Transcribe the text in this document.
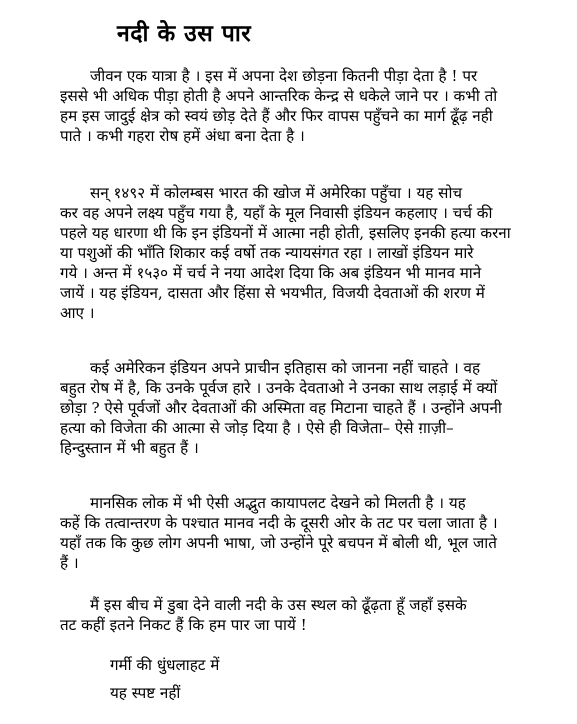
नदी के उस पार
जीवन एक यात्रा है । इस में अपना देश छोड़ना कितनी पीड़ा देता है ! पर
इससे भी अधिक पीड़ा होती है अपने आन्तरिक केन्द्र से धकेले जाने पर । कभी तो
हम इस जादुई क्षेत्र को स्वयं छोड़ देते हैं और फिर वापस पहुँचने का मार्ग ढूँढ़ नही
पाते । कभी गहरा रोष हमें अंधा बना देता है ।
सन् १४९२ में कोलम्बस भारत की खोज में अमेरिका पहुँचा । यह सोच
कर वह अपने लक्ष्य पहुँच गया है, यहाँ के मूल निवासी इंडियन कहलाए । चर्च की
पहले यह धारणा थी कि इन इंडियनों में आत्मा नही होती, इसलिए इनकी हत्या करना
या पशुओं की भाँति शिकार कई वर्षो तक न्यायसंगत रहा । लाखों इंडियन मारे
गये । अन्त में १५३० में चर्च ने नया आदेश दिया कि अब इंडियन भी मानव माने
जायें । यह इंडियन, दासता और हिंसा से भयभीत, विजयी देवताओं की शरण में
आए ।
कई अमेरिकन इंडियन अपने प्राचीन इतिहास को जानना नहीं चाहते । वह
बहुत रोष में है, कि उनके पूर्वज हारे । उनके देवताओ ने उनका साथ लड़ाई में क्यों
छोड़ा ? ऐसे पूर्वजों और देवताओं की अस्मिता वह मिटाना चाहते हैं । उन्होंने अपनी
हत्या को विजेता की आत्मा से जोड़ दिया है । ऐसे ही विजेता– ऐसे ग़ाज़ी–
हिन्दुस्तान में भी बहुत हैं ।
मानसिक लोक में भी ऐसी अद्भुत कायापलट देखने को मिलती है । यह
कहें कि तत्वान्तरण के पश्चात मानव नदी के दूसरी ओर के तट पर चला जाता है ।
यहाँ तक कि कुछ लोग अपनी भाषा, जो उन्होंने पूरे बचपन में बोली थी, भूल जाते
हैं ।
मैं इस बीच में डुबा देने वाली नदी के उस स्थल को ढूँढ़ता हूँ जहाँ इसके
तट कहीं इतने निकट हैं कि हम पार जा पायें !
गर्मी की धुंधलाहट में
यह स्पष्ट नहीं
